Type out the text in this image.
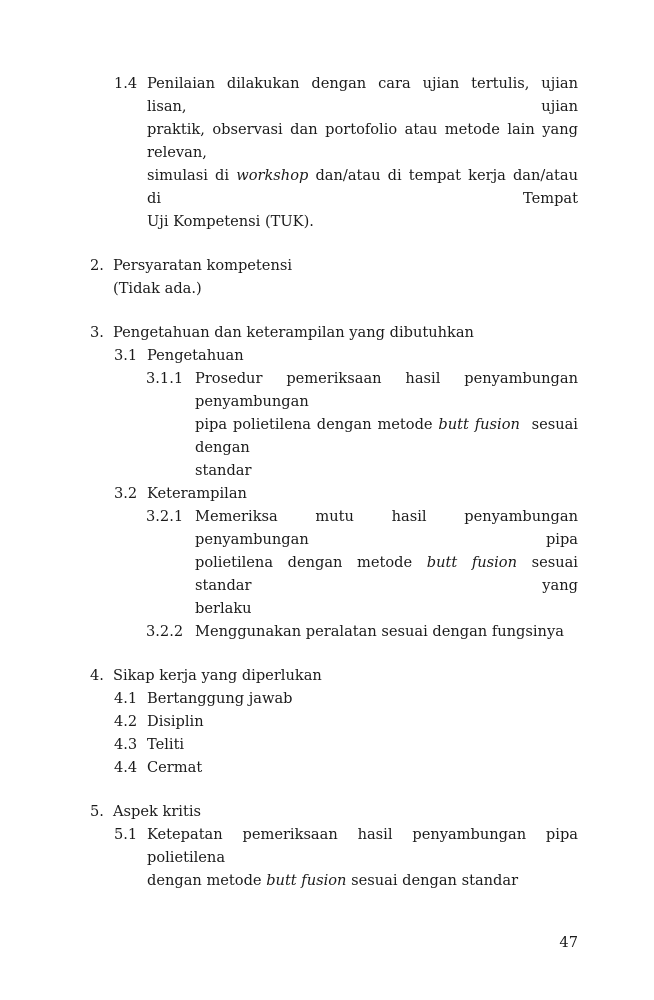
1.4 Penilaian dilakukan dengan cara ujian tertulis, ujian lisan, ujian
praktik, observasi dan portofolio atau metode lain yang relevan,
simulasi di workshop dan/atau di tempat kerja dan/atau di Tempat
Uji Kompetensi (TUK).
2. Persyaratan kompetensi
(Tidak ada.)
3. Pengetahuan dan keterampilan yang dibutuhkan
3.1 Pengetahuan
3.1.1 Prosedur pemeriksaan hasil penyambungan penyambungan
pipa polietilena dengan metode butt fusion  sesuai dengan
standar
3.2 Keterampilan
3.2.1 Memeriksa mutu hasil penyambungan penyambungan pipa
polietilena dengan metode butt fusion sesuai standar yang
berlaku
3.2.2 Menggunakan peralatan sesuai dengan fungsinya
4. Sikap kerja yang diperlukan
4.1 Bertanggung jawab
4.2 Disiplin
4.3 Teliti
4.4 Cermat
5. Aspek kritis
5.1 Ketepatan pemeriksaan hasil penyambungan pipa polietilena
dengan metode butt fusion sesuai dengan standar
47
